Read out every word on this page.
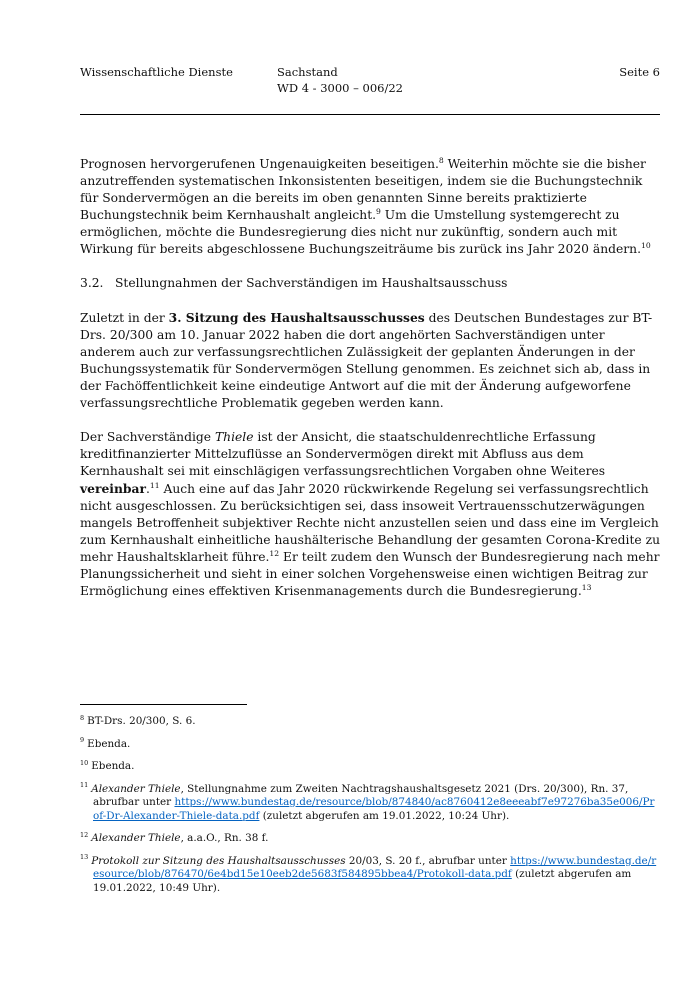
Wissenschaftliche Dienste	Sachstand
WD 4 - 3000 – 006/22
Seite 6

Prognosen hervorgerufenen Ungenauigkeiten beseitigen.$^8$ Weiterhin möchte sie die bisher anzutreffenden systematischen Inkonsistenten beseitigen, indem sie die Buchungstechnik für Sondervermögen an die bereits im oben genannten Sinne bereits praktizierte Buchungstechnik beim Kernhaushalt angleicht.$^9$ Um die Umstellung systemgerecht zu ermöglichen, möchte die Bundesregierung dies nicht nur zukünftig, sondern auch mit Wirkung für bereits abgeschlossene Buchungszeiträume bis zurück ins Jahr 2020 ändern.$^{10}$

3.2. Stellungnahmen der Sachverständigen im Haushaltsausschuss

Zuletzt in der 3. Sitzung des Haushaltsausschusses des Deutschen Bundestages zur BT-Drs. 20/300 am 10. Januar 2022 haben die dort angehörten Sachverständigen unter anderem auch zur verfassungsrechtlichen Zulässigkeit der geplanten Änderungen in der Buchungssystematik für Sondervermögen Stellung genommen. Es zeichnet sich ab, dass in der Fachöffentlichkeit keine eindeutige Antwort auf die mit der Änderung aufgeworfene verfassungsrechtliche Problematik gegeben werden kann.

Der Sachverständige Thiele ist der Ansicht, die staatschuldenrechtliche Erfassung kreditfinanzierter Mittelzuflüsse an Sondervermögen direkt mit Abfluss aus dem Kernhaushalt sei mit einschlägigen verfassungsrechtlichen Vorgaben ohne Weiteres vereinbar.$^{11}$ Auch eine auf das Jahr 2020 rückwirkende Regelung sei verfassungsrechtlich nicht ausgeschlossen. Zu berücksichtigen sei, dass insoweit Vertrauensschutzerwägungen mangels Betroffenheit subjektiver Rechte nicht anzustellen seien und dass eine im Vergleich zum Kernhaushalt einheitliche haushälterische Behandlung der gesamten Corona-Kredite zu mehr Haushaltsklarheit führe.$^{12}$ Er teilt zudem den Wunsch der Bundesregierung nach mehr Planungssicherheit und sieht in einer solchen Vorgehensweise einen wichtigen Beitrag zur Ermöglichung eines effektiven Krisenmanagements durch die Bundesregierung.$^{13}$

$^8$ BT-Drs. 20/300, S. 6.
$^9$ Ebenda.
$^{10}$ Ebenda.
$^{11}$ Alexander Thiele, Stellungnahme zum Zweiten Nachtragshaushaltsgesetz 2021 (Drs. 20/300), Rn. 37, abrufbar unter https://www.bundestag.de/resource/blob/874840/ac8760412e8eeeabf7e97276ba35e006/Prof-Dr-Alexander-Thiele-data.pdf (zuletzt abgerufen am 19.01.2022, 10:24 Uhr).
$^{12}$ Alexander Thiele, a.a.O., Rn. 38 f.
$^{13}$ Protokoll zur Sitzung des Haushaltsausschusses 20/03, S. 20 f., abrufbar unter https://www.bundestag.de/resource/blob/876470/6e4bd15e10eeb2de5683f584895bbea4/Protokoll-data.pdf (zuletzt abgerufen am 19.01.2022, 10:49 Uhr).
